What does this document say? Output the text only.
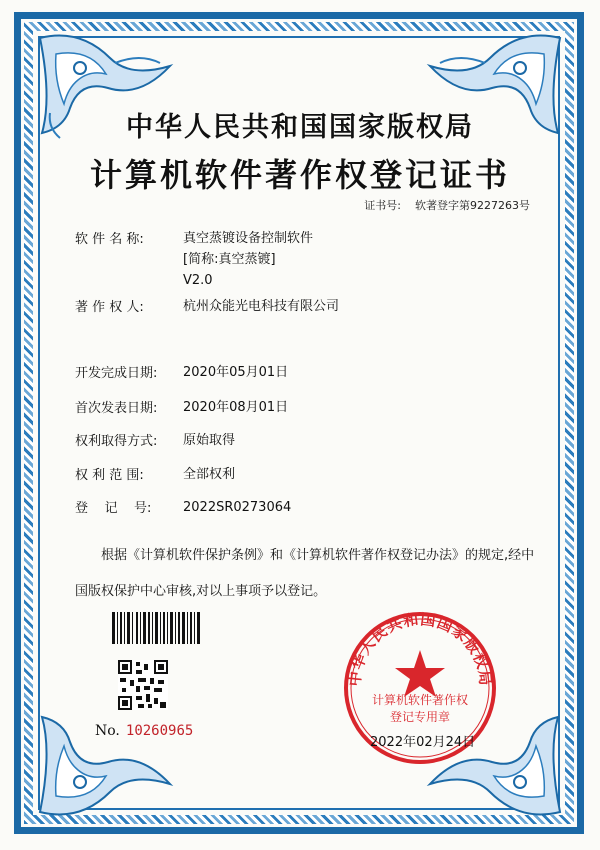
中华人民共和国国家版权局
计算机软件著作权登记证书
证书号: 软著登字第9227263号
软 件 名 称:	真空蒸镀设备控制软件
[简称:真空蒸镀]
V2.0
著 作 权 人:	杭州众能光电科技有限公司
开发完成日期: 2020年05月01日
首次发表日期: 2020年08月01日
权利取得方式: 原始取得
权 利 范 围:	全部权利
登    记    号: 2022SR0273064
根据《计算机软件保护条例》和《计算机软件著作权登记办法》的规定,经中国版权保护中心审核,对以上事项予以登记。
No. 10260965
中华人民共和国国家版权局
计算机软件著作权
登记专用章
2022年02月24日
